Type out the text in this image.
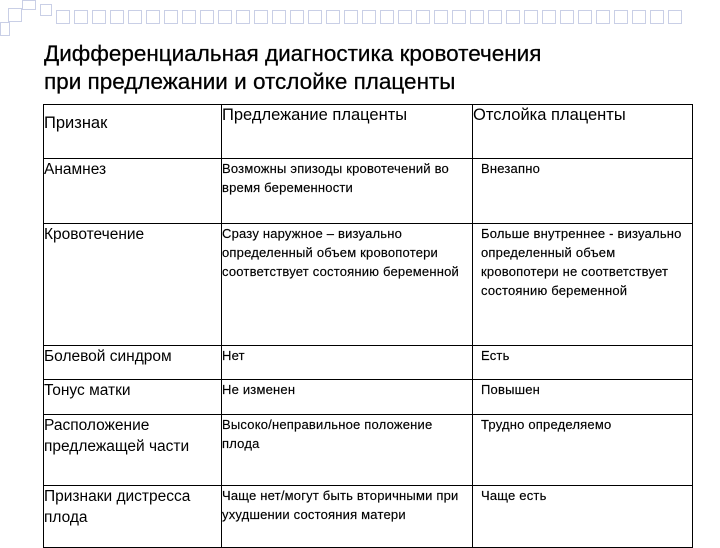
Дифференциальная диагностика кровотечения
при предлежании и отслойке плаценты
Признак	Предлежание плаценты	Отслойка плаценты
Анамнез	Возможны эпизоды кровотечений во время беременности	Внезапно
Кровотечение	Сразу наружное – визуально определенный объем кровопотери соответствует состоянию беременной	Больше внутреннее - визуально определенный объем кровопотери не соответствует состоянию беременной
Болевой синдром	Нет	Есть
Тонус матки	Не изменен	Повышен
Расположение предлежащей части	Высоко/неправильное положение плода	Трудно определяемо
Признаки дистресса плода	Чаще нет/могут быть вторичными при ухудшении состояния матери	Чаще есть
